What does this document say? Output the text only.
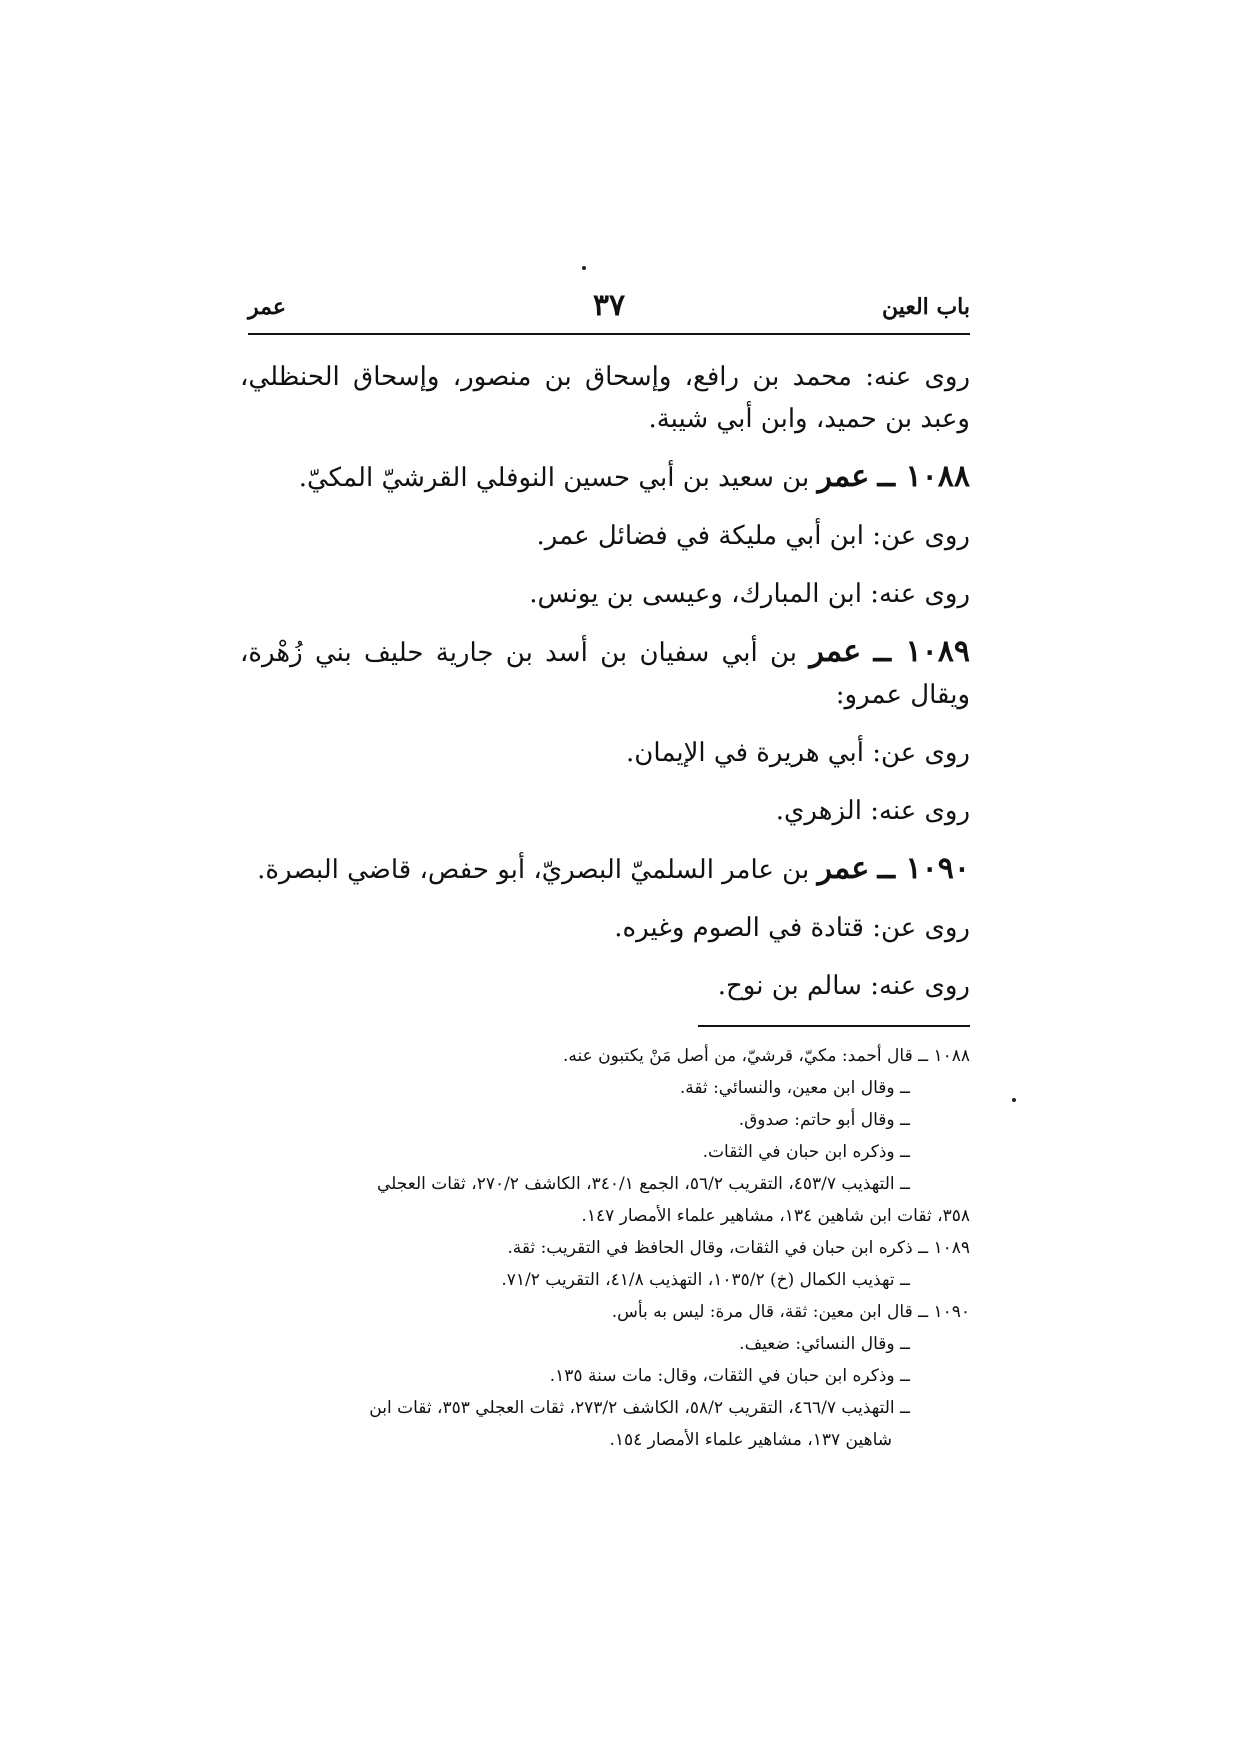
باب العين
٣٧
عمر

روى عنه: محمد بن رافع، وإسحاق بن منصور، وإسحاق الحنظلي، وعبد بن حميد، وابن أبي شيبة.

١٠٨٨ ــ عمر بن سعيد بن أبي حسين النوفلي القرشيّ المكيّ.

روى عن: ابن أبي مليكة في فضائل عمر.

روى عنه: ابن المبارك، وعيسى بن يونس.

١٠٨٩ ــ عمر بن أبي سفيان بن أسد بن جارية حليف بني زُهْرة، ويقال عمرو:

روى عن: أبي هريرة في الإيمان.

روى عنه: الزهري.

١٠٩٠ ــ عمر بن عامر السلميّ البصريّ، أبو حفص، قاضي البصرة.

روى عن: قتادة في الصوم وغيره.

روى عنه: سالم بن نوح.

١٠٨٨ ــ قال أحمد: مكيّ، قرشيّ، من أصل مَنْ يكتبون عنه.

ــ وقال ابن معين، والنسائي: ثقة.

ــ وقال أبو حاتم: صدوق.

ــ وذكره ابن حبان في الثقات.

ــ التهذيب ٤٥٣/٧، التقريب ٥٦/٢، الجمع ٣٤٠/١، الكاشف ٢٧٠/٢، ثقات العجلي

٣٥٨، ثقات ابن شاهين ١٣٤، مشاهير علماء الأمصار ١٤٧.

١٠٨٩ ــ ذكره ابن حبان في الثقات، وقال الحافظ في التقريب: ثقة.

ــ تهذيب الكمال (خ) ١٠٣٥/٢، التهذيب ٤١/٨، التقريب ٧١/٢.

١٠٩٠ ــ قال ابن معين: ثقة، قال مرة: ليس به بأس.

ــ وقال النسائي: ضعيف.

ــ وذكره ابن حبان في الثقات، وقال: مات سنة ١٣٥.

ــ التهذيب ٤٦٦/٧، التقريب ٥٨/٢، الكاشف ٢٧٣/٢، ثقات العجلي ٣٥٣، ثقات ابن

شاهين ١٣٧، مشاهير علماء الأمصار ١٥٤.
